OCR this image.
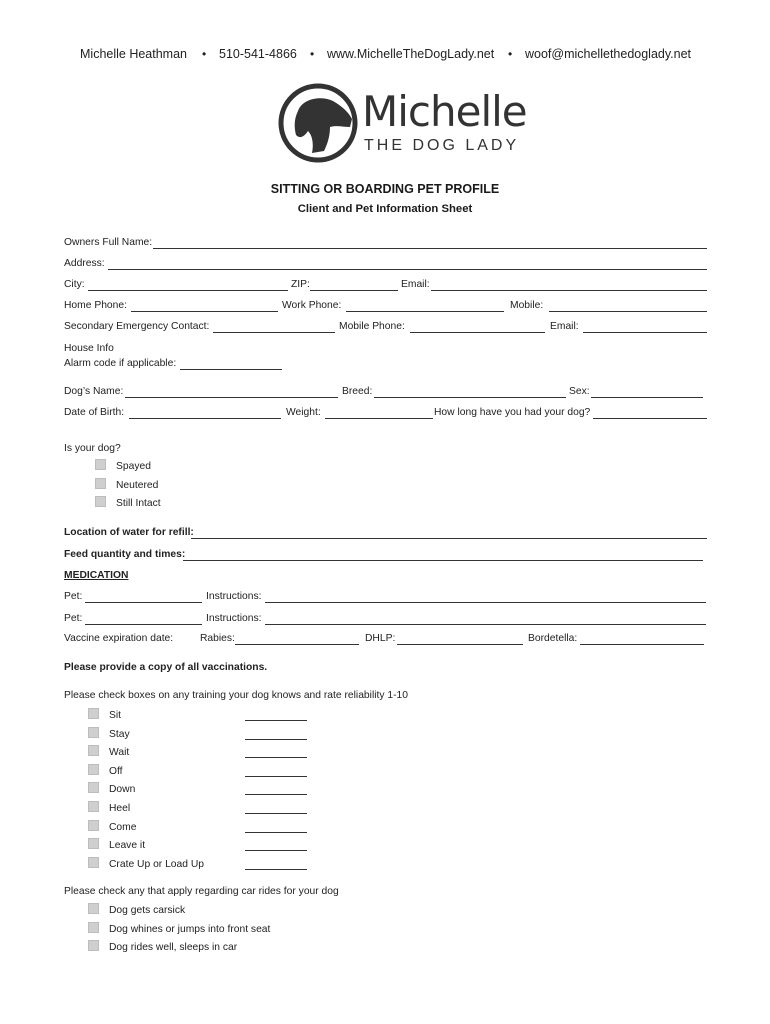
Michelle Heathman • 510-541-4866 • www.MichelleTheDogLady.net • woof@michellethedoglady.net
Michelle
THE DOG LADY
SITTING OR BOARDING PET PROFILE
Client and Pet Information Sheet
Owners Full Name:
Address:
City:	ZIP:	Email:
Home Phone:	Work Phone:	Mobile:
Secondary Emergency Contact:	Mobile Phone:	Email:
House Info
Alarm code if applicable:
Dog’s Name:	Breed:	Sex:
Date of Birth:	Weight:	How long have you had your dog?
Is your dog?
Spayed
Neutered
Still Intact
Location of water for refill:
Feed quantity and times:
MEDICATION
Pet:	Instructions:
Pet:	Instructions:
Vaccine expiration date:	Rabies:	DHLP:	Bordetella:
Please provide a copy of all vaccinations.
Please check boxes on any training your dog knows and rate reliability 1-10
Sit
Stay
Wait
Off
Down
Heel
Come
Leave it
Crate Up or Load Up
Please check any that apply regarding car rides for your dog
Dog gets carsick
Dog whines or jumps into front seat
Dog rides well, sleeps in car
